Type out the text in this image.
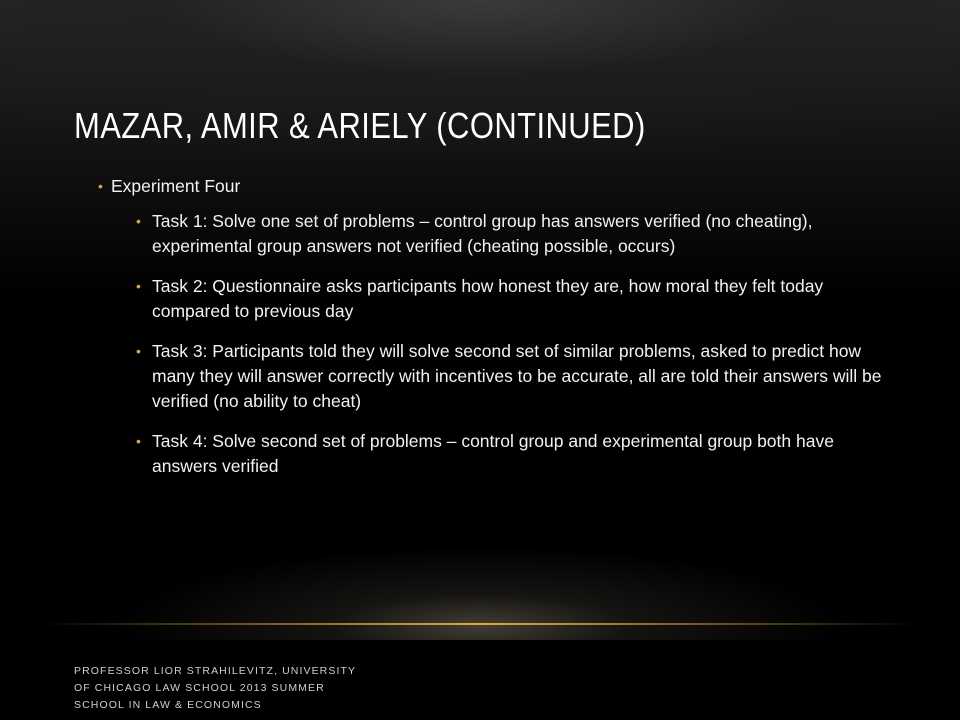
MAZAR, AMIR & ARIELY (CONTINUED)
• Experiment Four
• Task 1: Solve one set of problems – control group has answers verified (no cheating), experimental group answers not verified (cheating possible, occurs)
• Task 2: Questionnaire asks participants how honest they are, how moral they felt today compared to previous day
• Task 3: Participants told they will solve second set of similar problems, asked to predict how many they will answer correctly with incentives to be accurate, all are told their answers will be verified (no ability to cheat)
• Task 4: Solve second set of problems – control group and experimental group both have answers verified
PROFESSOR LIOR STRAHILEVITZ, UNIVERSITY OF CHICAGO LAW SCHOOL 2013 SUMMER SCHOOL IN LAW & ECONOMICS
